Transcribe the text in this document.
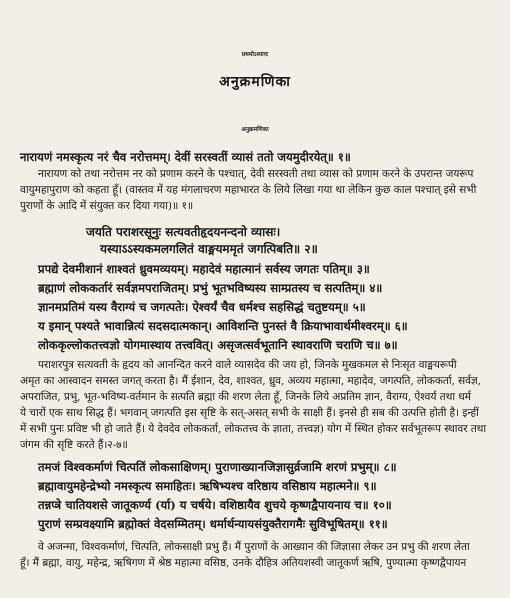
प्रथमोऽध्यायः
अनुक्रमणिका
अनुक्रमणिका
नारायणं नमस्कृत्य नरं चैव नरोत्तमम्। देवीं सरस्वतीं व्यासं ततो जयमुदीरयेत्॥ १॥
नारायण को तथा नरोत्तम नर को प्रणाम करने के पश्चात्, देवी सरस्वती तथा व्यास को प्रणाम करने के उपरान्त जयरूप
वायुमहापुराण को कहता हूँ। (वास्तव में यह मंगलाचरण महाभारत के लिये लिखा गया था लेकिन कुछ काल पश्चात् इसे सभी
पुराणों के आदि में संयुक्त कर दिया गया)॥ १॥
जयति पराशरसूनुः सत्यवतीहृदयनन्दनो व्यासः।
यस्याऽऽस्यकमलगलितं वाङ्मयममृतं जगत्पिबति॥ २॥
प्रपद्ये देवमीशानं शाश्वतं ध्रुवमव्ययम्। महादेवं महात्मानं सर्वस्य जगतः पतिम्॥ ३॥
ब्रह्माणं लोककर्तारं सर्वज्ञमपराजितम्। प्रभुं भूतभविष्यस्य साम्प्रतस्य च सत्पतिम्॥ ४॥
ज्ञानमप्रतिमं यस्य वैराग्यं च जगत्पतेः। ऐश्वर्यं चैव धर्मश्च सहसिद्धं चतुष्टयम्॥ ५॥
य इमान् पश्यते भावान्नित्यं सदसदात्मकान्। आविशन्ति पुनस्तं वै क्रियाभावार्थमीश्वरम्॥ ६॥
लोककृल्लोकतत्त्वज्ञो योगमास्थाय तत्त्ववित्। असृजत्सर्वभूतानि स्थावराणि चराणि च॥ ७॥
पराशरपुत्र सत्यवती के हृदय को आनन्दित करने वाले व्यासदेव की जय हो, जिनके मुखकमल से निःसृत वाङ्मयरूपी
अमृत का आस्वादन समस्त जगत् करता है। मैं ईशान, देव, शाश्वत, ध्रुव, अव्यय महात्मा, महादेव, जगत्पति, लोककर्ता, सर्वज्ञ,
अपराजित, प्रभु, भूत-भविष्य-वर्तमान के सत्पति ब्रह्मा की शरण लेता हूँ, जिनके लिये अप्रतिम ज्ञान, वैराग्य, ऐश्वर्य तथा धर्म
ये चारों एक साथ सिद्ध हैं। भगवान् जगत्पति इस सृष्टि के सत्-असत् सभी के साक्षी हैं। इनसे ही सब की उत्पत्ति होती है। इन्हीं
में सभी पुनः प्रविष्ट भी हो जाते हैं। ये देवदेव लोककर्ता, लोकतत्त्व के ज्ञाता, तत्त्वज्ञ) योग में स्थित होकर सर्वभूतरूप स्थावर तथा
जंगम की सृष्टि करते हैं।२-७॥
तमजं विश्वकर्माणं चित्पतिं लोकसाक्षिणम्। पुराणाख्यानजिज्ञासुर्व्रजामि शरणं प्रभुम्॥ ८॥
ब्रह्मावायुमहेन्द्रेभ्यो नमस्कृत्य समाहितः। ऋषिभ्यश्च वरिष्ठाय वसिष्ठाय महात्मने॥ ९॥
तन्नप्त्रे चातियशसे जातूकर्ण्य (र्या) य चर्षये। वशिष्ठायैव शुचये कृष्णद्वैपायनाय च॥ १०॥
पुराणं सम्प्रवक्ष्यामि ब्रह्मोक्तं वेदसम्मितम्। धर्मार्थन्यायसंयुक्तैरागमैः सुविभूषितम्॥ ११॥
वे अजन्मा, विश्वकर्माणं, चित्पति, लोकसाक्षी प्रभु हैं। मैं पुराणों के आख्यान की जिज्ञासा लेकर उन प्रभु की शरण लेता
हूँ। मैं ब्रह्मा, वायु, महेन्द्र, ऋषिगण में श्रेष्ठ महात्मा वसिष्ठ, उनके दौहित्र अतियशस्वी जातूकर्ण ऋषि, पुण्यात्मा कृष्णद्वैपायन
